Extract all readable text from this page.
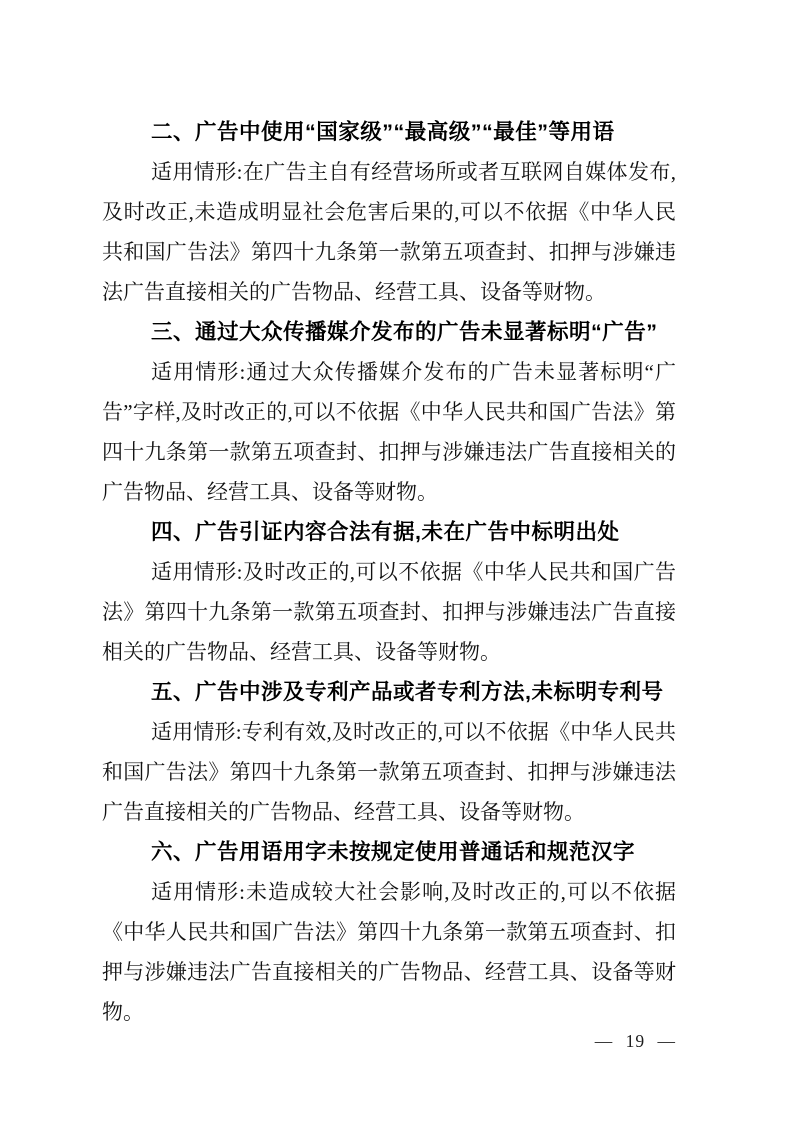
二、广告中使用“国家级”“最高级”“最佳”等用语

适用情形:在广告主自有经营场所或者互联网自媒体发布,及时改正,未造成明显社会危害后果的,可以不依据《中华人民共和国广告法》第四十九条第一款第五项查封、扣押与涉嫌违法广告直接相关的广告物品、经营工具、设备等财物。

三、通过大众传播媒介发布的广告未显著标明“广告”

适用情形:通过大众传播媒介发布的广告未显著标明“广告”字样,及时改正的,可以不依据《中华人民共和国广告法》第四十九条第一款第五项查封、扣押与涉嫌违法广告直接相关的广告物品、经营工具、设备等财物。

四、广告引证内容合法有据,未在广告中标明出处

适用情形:及时改正的,可以不依据《中华人民共和国广告法》第四十九条第一款第五项查封、扣押与涉嫌违法广告直接相关的广告物品、经营工具、设备等财物。

五、广告中涉及专利产品或者专利方法,未标明专利号

适用情形:专利有效,及时改正的,可以不依据《中华人民共和国广告法》第四十九条第一款第五项查封、扣押与涉嫌违法广告直接相关的广告物品、经营工具、设备等财物。

六、广告用语用字未按规定使用普通话和规范汉字

适用情形:未造成较大社会影响,及时改正的,可以不依据《中华人民共和国广告法》第四十九条第一款第五项查封、扣押与涉嫌违法广告直接相关的广告物品、经营工具、设备等财物。

— 19 —
